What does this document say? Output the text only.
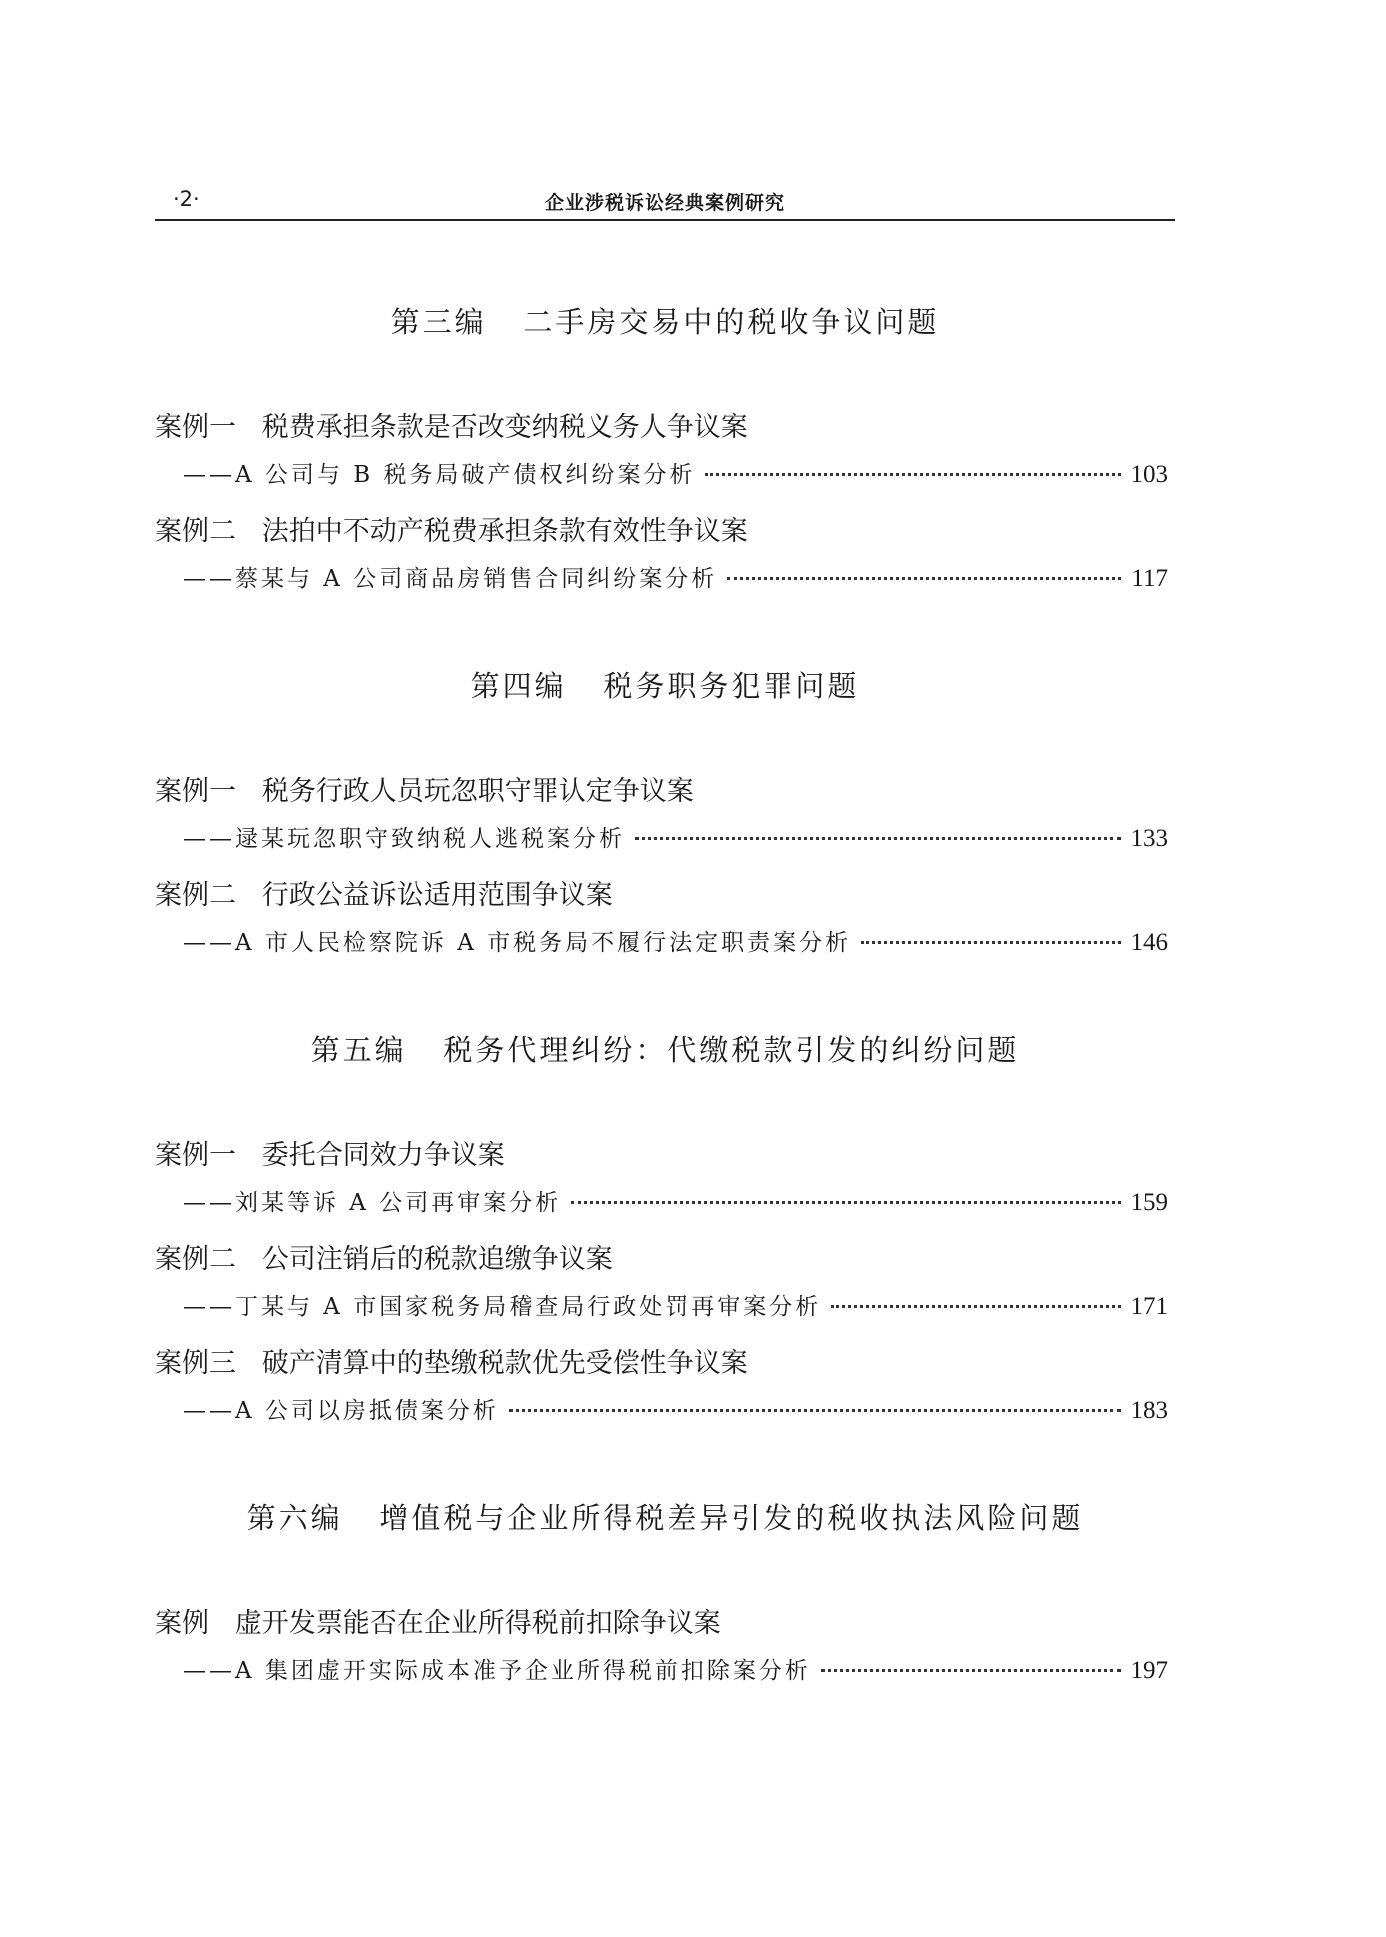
·2·	企业涉税诉讼经典案例研究
第三编   二手房交易中的税收争议问题
案例一   税费承担条款是否改变纳税义务人争议案
——A 公司与 B 税务局破产债权纠纷案分析	103
案例二   法拍中不动产税费承担条款有效性争议案
——蔡某与 A 公司商品房销售合同纠纷案分析	117
第四编   税务职务犯罪问题
案例一   税务行政人员玩忽职守罪认定争议案
——逯某玩忽职守致纳税人逃税案分析	133
案例二   行政公益诉讼适用范围争议案
——A 市人民检察院诉 A 市税务局不履行法定职责案分析	146
第五编   税务代理纠纷：代缴税款引发的纠纷问题
案例一   委托合同效力争议案
——刘某等诉 A 公司再审案分析	159
案例二   公司注销后的税款追缴争议案
——丁某与 A 市国家税务局稽查局行政处罚再审案分析	171
案例三   破产清算中的垫缴税款优先受偿性争议案
——A 公司以房抵债案分析	183
第六编   增值税与企业所得税差异引发的税收执法风险问题
案例   虚开发票能否在企业所得税前扣除争议案
——A 集团虚开实际成本准予企业所得税前扣除案分析	197
